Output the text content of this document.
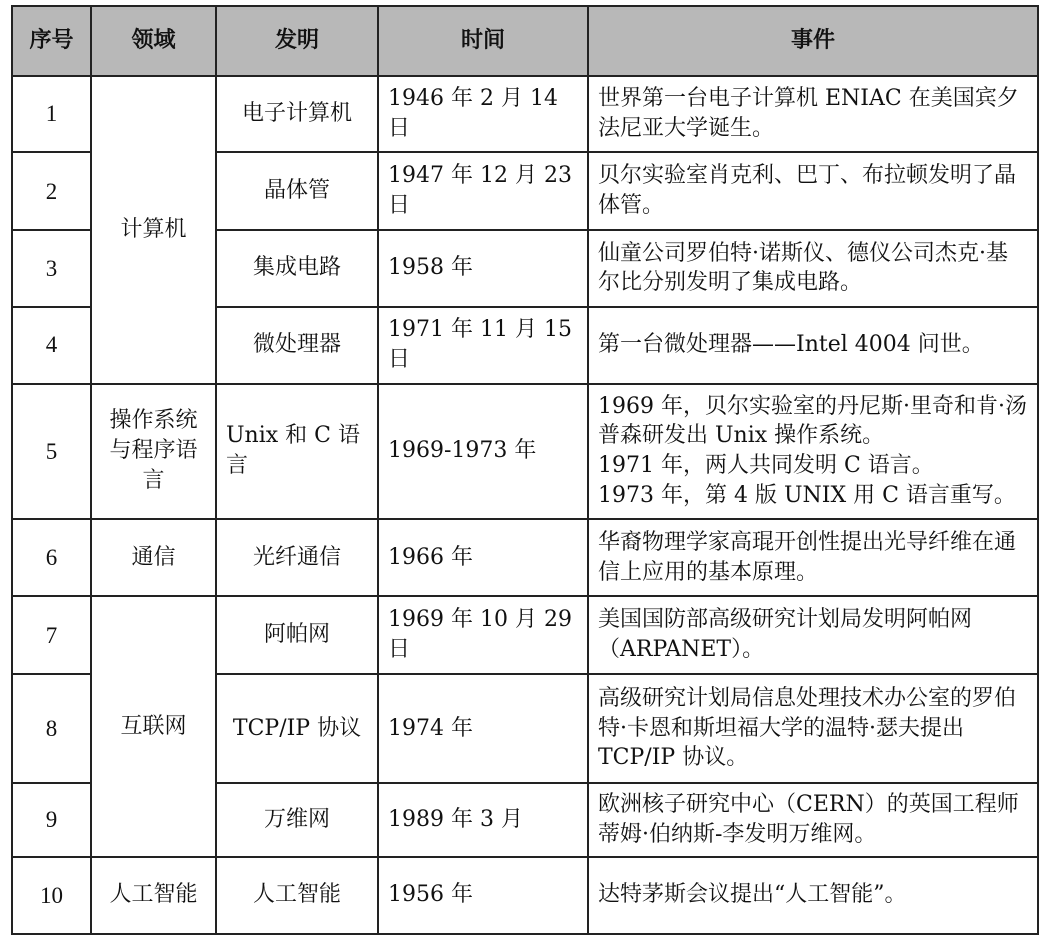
序号	领域	发明	时间	事件
1	计算机	电子计算机	1946 年 2 月 14 日	世界第一台电子计算机 ENIAC 在美国宾夕法尼亚大学诞生。
2		晶体管	1947 年 12 月 23 日	贝尔实验室肖克利、巴丁、布拉顿发明了晶体管。
3		集成电路	1958 年	仙童公司罗伯特·诺斯仪、德仪公司杰克·基尔比分别发明了集成电路。
4		微处理器	1971 年 11 月 15 日	第一台微处理器——Intel 4004 问世。
5	操作系统与程序语言	Unix 和 C 语言	1969-1973 年	1969 年，贝尔实验室的丹尼斯·里奇和肯·汤普森研发出 Unix 操作系统。
1971 年，两人共同发明 C 语言。
1973 年，第 4 版 UNIX 用 C 语言重写。

6	通信	光纤通信	1966 年	华裔物理学家高琨开创性提出光导纤维在通信上应用的基本原理。
7	互联网	阿帕网	1969 年 10 月 29 日	美国国防部高级研究计划局发明阿帕网（ARPANET）。
8		TCP/IP 协议	1974 年	高级研究计划局信息处理技术办公室的罗伯特·卡恩和斯坦福大学的温特·瑟夫提出 TCP/IP 协议。
9		万维网	1989 年 3 月	欧洲核子研究中心（CERN）的英国工程师蒂姆·伯纳斯-李发明万维网。
10	人工智能	人工智能	1956 年	达特茅斯会议提出“人工智能”。
